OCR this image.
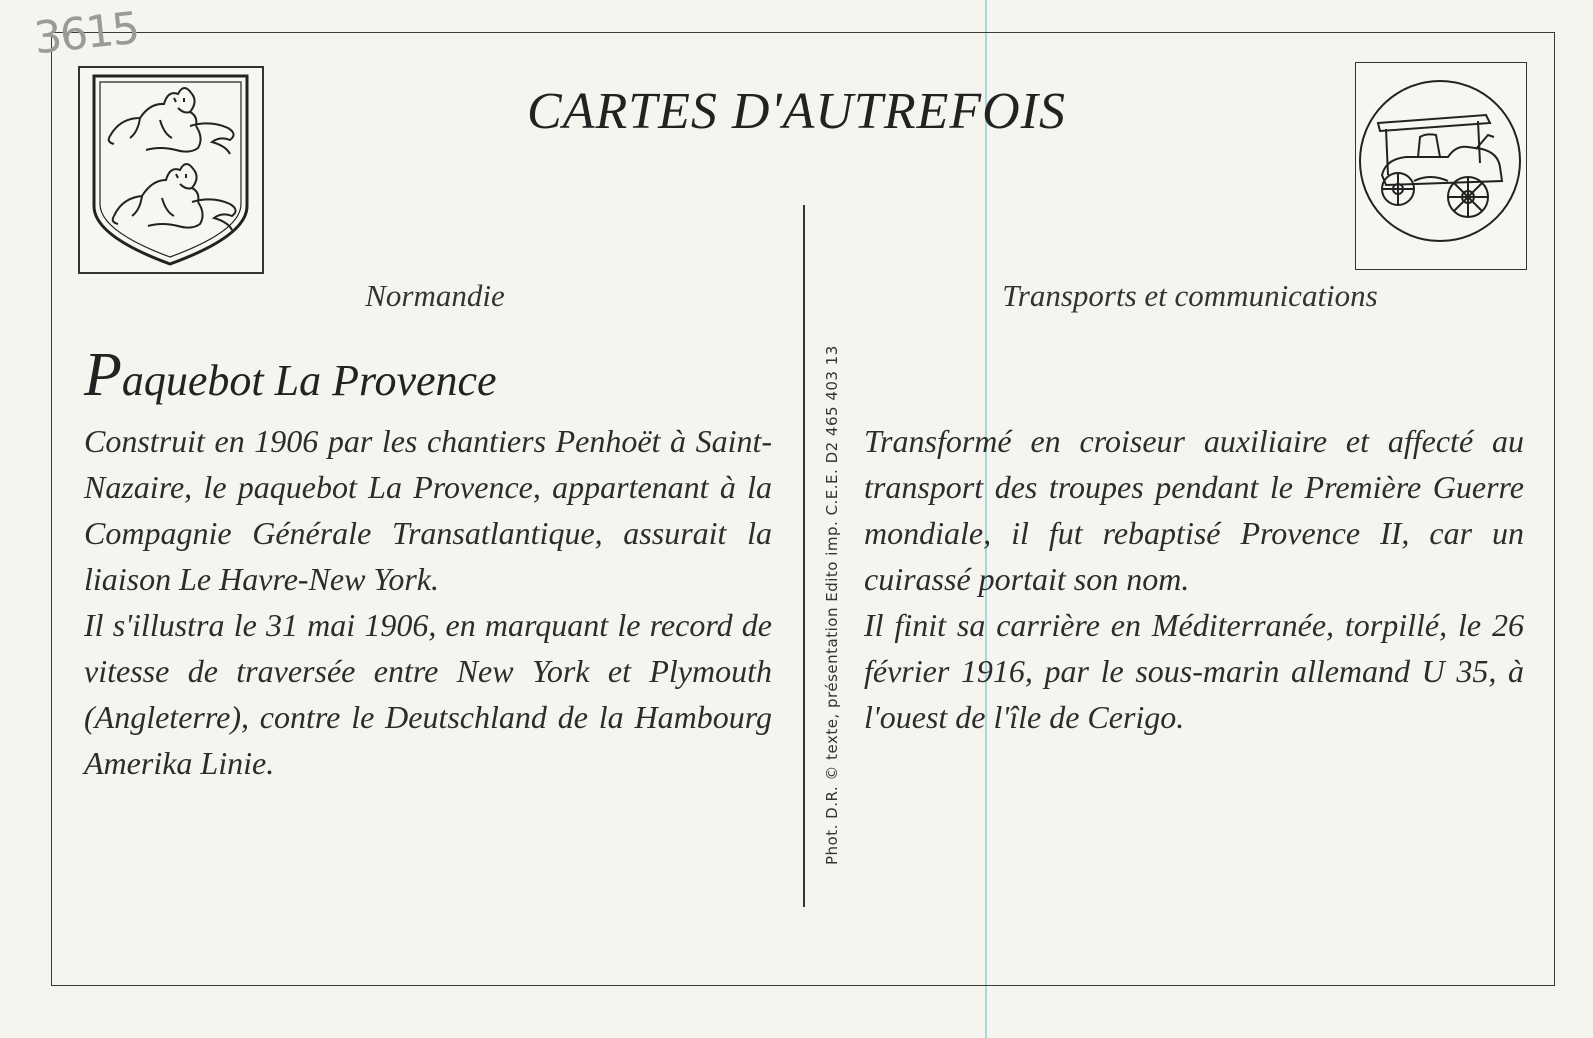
3615
CARTES D'AUTREFOIS
Normandie	Transports et communications
Paquebot La Provence

Construit en 1906 par les chantiers Penhoët à Saint-Nazaire, le paquebot La Provence, appartenant à la Compagnie Générale Transatlantique, assurait la liaison Le Havre-New York.

Il s'illustra le 31 mai 1906, en marquant le record de vitesse de traversée entre New York et Plymouth (Angleterre), contre le Deutschland de la Hambourg Amerika Linie.	Phot. D.R. © texte, présentation Edito imp. C.E.E. D2 465 403 13 Transformé en croiseur auxiliaire et affecté au transport des troupes pendant le Première Guerre mondiale, il fut rebaptisé Provence II, car un cuirassé portait son nom.

Il finit sa carrière en Méditerranée, torpillé, le 26 février 1916, par le sous-marin allemand U 35, à l'ouest de l'île de Cerigo.
